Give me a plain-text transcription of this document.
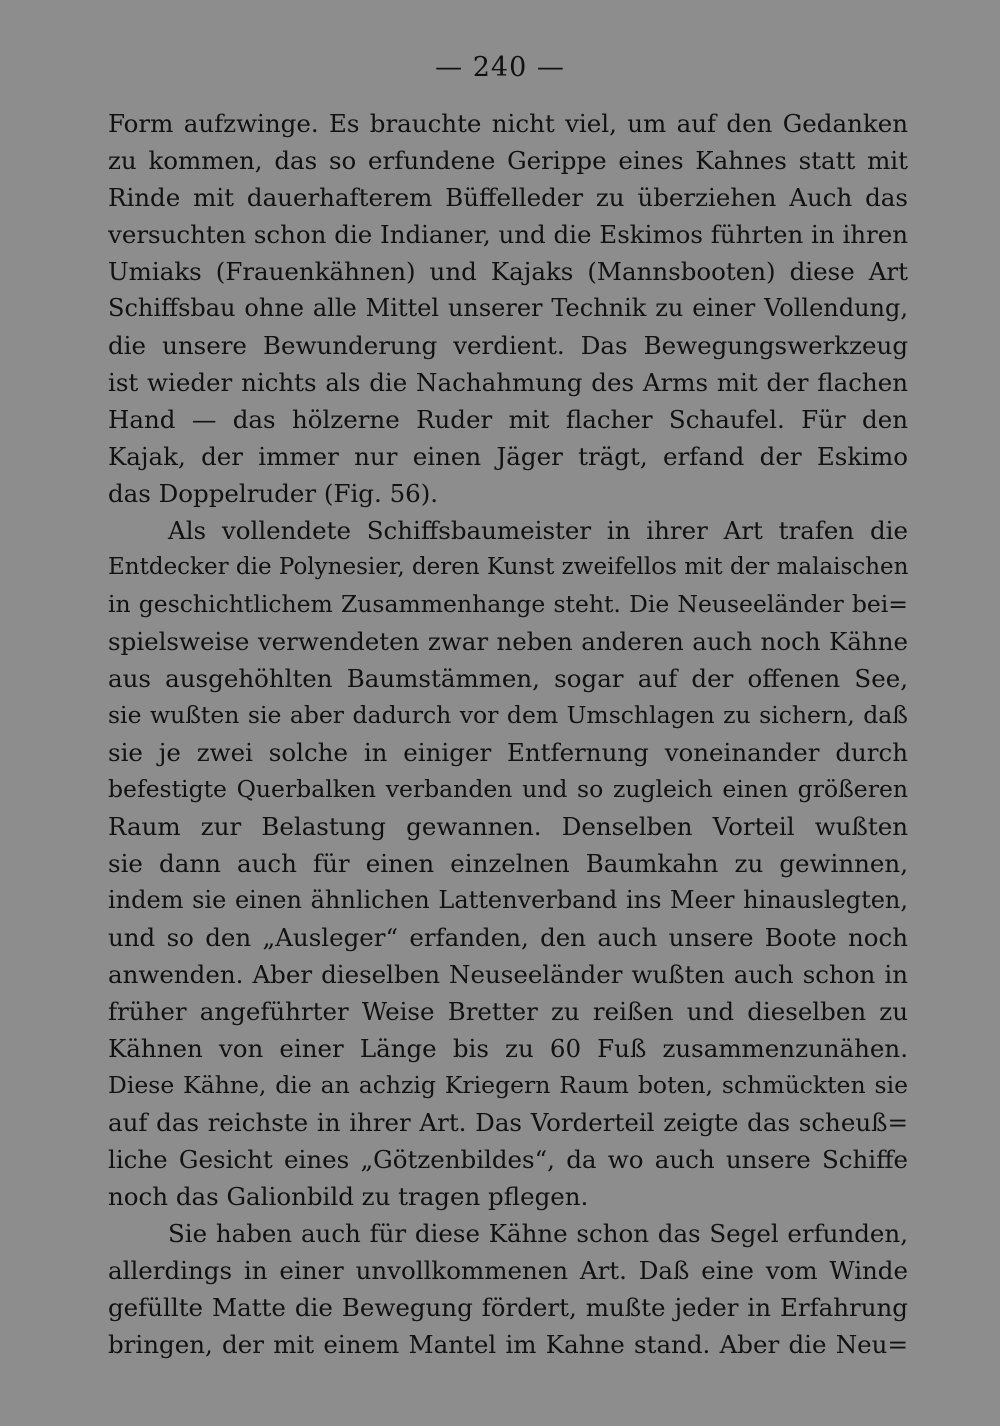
— 240 —
Form aufzwinge. Es brauchte nicht viel, um auf den Gedanken
zu kommen, das so erfundene Gerippe eines Kahnes statt mit
Rinde mit dauerhafterem Büffelleder zu überziehen Auch das
versuchten schon die Indianer, und die Eskimos führten in ihren
Umiaks (Frauenkähnen) und Kajaks (Mannsbooten) diese Art
Schiffsbau ohne alle Mittel unserer Technik zu einer Vollendung,
die unsere Bewunderung verdient. Das Bewegungswerkzeug
ist wieder nichts als die Nachahmung des Arms mit der flachen
Hand — das hölzerne Ruder mit flacher Schaufel. Für den
Kajak, der immer nur einen Jäger trägt, erfand der Eskimo
das Doppelruder (Fig. 56).
Als vollendete Schiffsbaumeister in ihrer Art trafen die
Entdecker die Polynesier, deren Kunst zweifellos mit der malaischen
in geschichtlichem Zusammenhange steht. Die Neuseeländer bei=
spielsweise verwendeten zwar neben anderen auch noch Kähne
aus ausgehöhlten Baumstämmen, sogar auf der offenen See,
sie wußten sie aber dadurch vor dem Umschlagen zu sichern, daß
sie je zwei solche in einiger Entfernung voneinander durch
befestigte Querbalken verbanden und so zugleich einen größeren
Raum zur Belastung gewannen. Denselben Vorteil wußten
sie dann auch für einen einzelnen Baumkahn zu gewinnen,
indem sie einen ähnlichen Lattenverband ins Meer hinauslegten,
und so den „Ausleger“ erfanden, den auch unsere Boote noch
anwenden. Aber dieselben Neuseeländer wußten auch schon in
früher angeführter Weise Bretter zu reißen und dieselben zu
Kähnen von einer Länge bis zu 60 Fuß zusammenzunähen.
Diese Kähne, die an achzig Kriegern Raum boten, schmückten sie
auf das reichste in ihrer Art. Das Vorderteil zeigte das scheuß=
liche Gesicht eines „Götzenbildes“, da wo auch unsere Schiffe
noch das Galionbild zu tragen pflegen.
Sie haben auch für diese Kähne schon das Segel erfunden,
allerdings in einer unvollkommenen Art. Daß eine vom Winde
gefüllte Matte die Bewegung fördert, mußte jeder in Erfahrung
bringen, der mit einem Mantel im Kahne stand. Aber die Neu=
